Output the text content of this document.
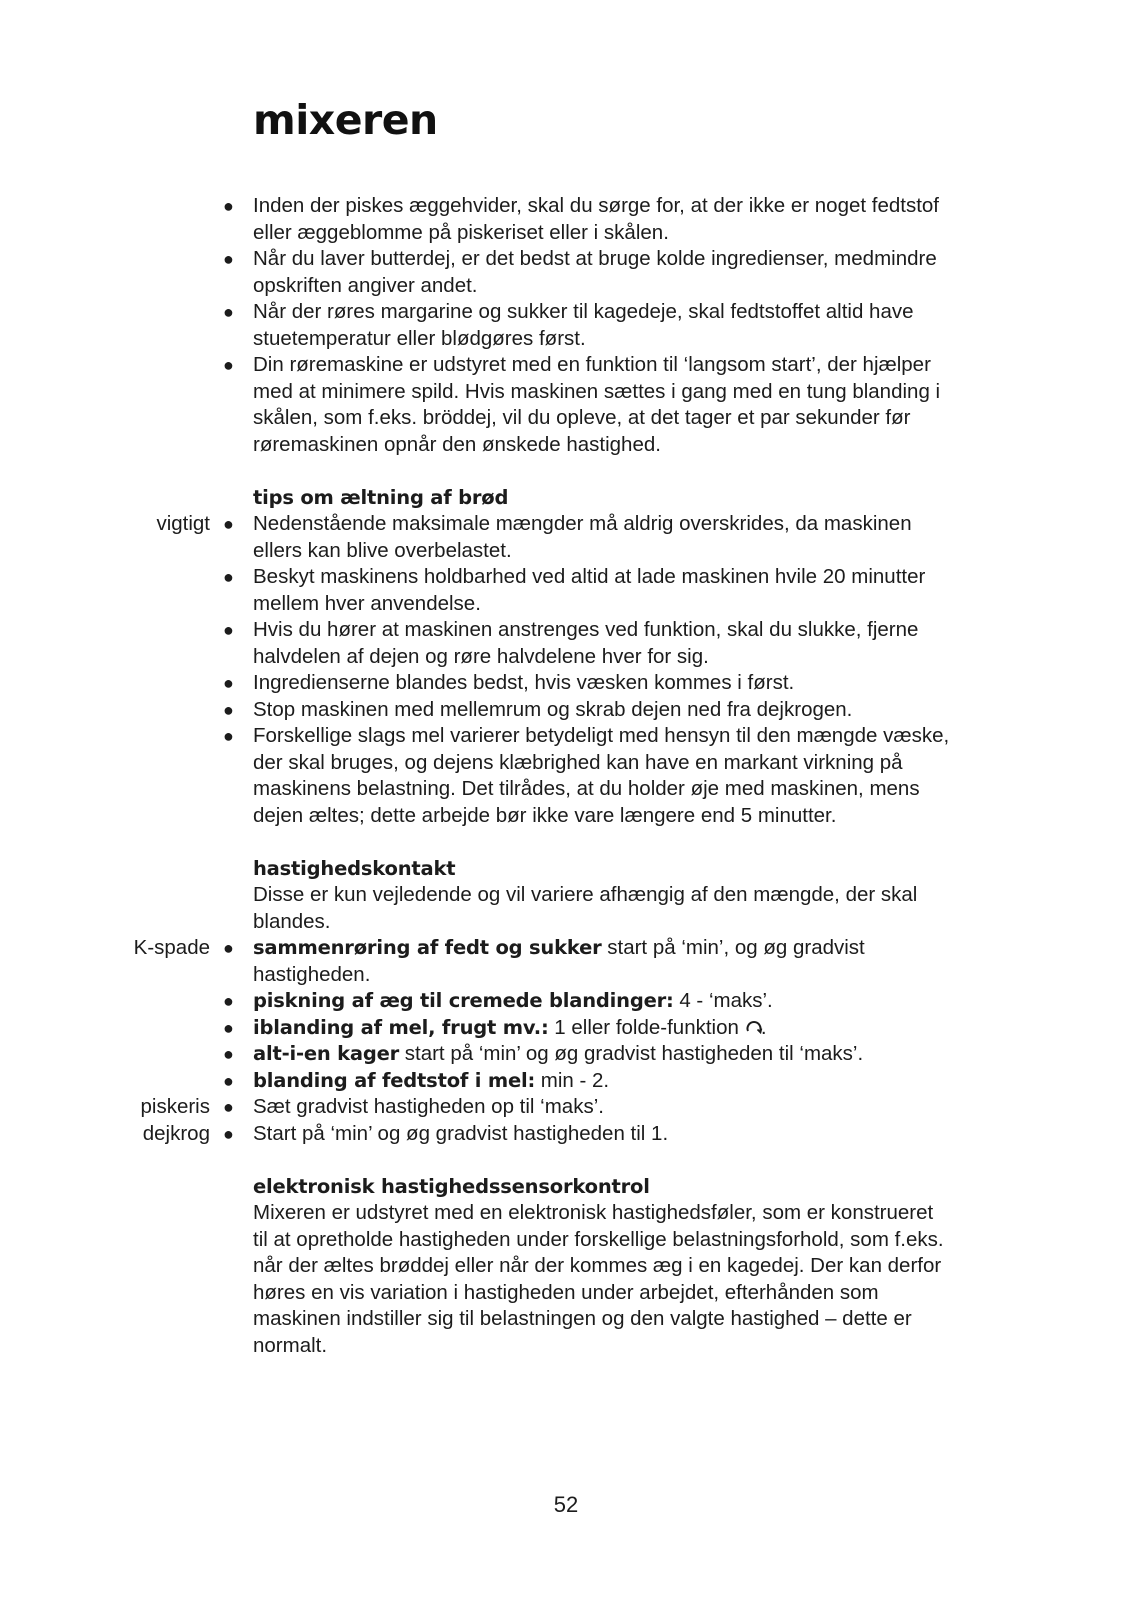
mixeren
● Inden der piskes æggehvider, skal du sørge for, at der ikke er noget fedtstof eller æggeblomme på piskeriset eller i skålen.
● Når du laver butterdej, er det bedst at bruge kolde ingredienser, medmindre opskriften angiver andet.
● Når der røres margarine og sukker til kagedeje, skal fedtstoffet altid have stuetemperatur eller blødgøres først.
● Din røremaskine er udstyret med en funktion til ‘langsom start’, der hjælper med at minimere spild. Hvis maskinen sættes i gang med en tung blanding i skålen, som f.eks. bröddej, vil du opleve, at det tager et par sekunder før røremaskinen opnår den ønskede hastighed.
tips om æltning af brød
vigtigt ● Nedenstående maksimale mængder må aldrig overskrides, da maskinen ellers kan blive overbelastet.
● Beskyt maskinens holdbarhed ved altid at lade maskinen hvile 20 minutter mellem hver anvendelse.
● Hvis du hører at maskinen anstrenges ved funktion, skal du slukke, fjerne halvdelen af dejen og røre halvdelene hver for sig.
● Ingredienserne blandes bedst, hvis væsken kommes i først.
● Stop maskinen med mellemrum og skrab dejen ned fra dejkrogen.
● Forskellige slags mel varierer betydeligt med hensyn til den mængde væske, der skal bruges, og dejens klæbrighed kan have en markant virkning på maskinens belastning. Det tilrådes, at du holder øje med maskinen, mens dejen æltes; dette arbejde bør ikke vare længere end 5 minutter.
hastighedskontakt
Disse er kun vejledende og vil variere afhængig af den mængde, der skal blandes.
K-spade ● sammenrøring af fedt og sukker start på ‘min’, og øg gradvist hastigheden.
● piskning af æg til cremede blandinger: 4 - ‘maks’.
● iblanding af mel, frugt mv.: 1 eller folde-funktion .
● alt-i-en kager start på ‘min’ og øg gradvist hastigheden til ‘maks’.
● blanding af fedtstof i mel: min - 2.
piskeris ● Sæt gradvist hastigheden op til ‘maks’.
dejkrog ● Start på ‘min’ og øg gradvist hastigheden til 1.
elektronisk hastighedssensorkontrol
Mixeren er udstyret med en elektronisk hastighedsføler, som er konstrueret til at opretholde hastigheden under forskellige belastningsforhold, som f.eks. når der æltes brøddej eller når der kommes æg i en kagedej. Der kan derfor høres en vis variation i hastigheden under arbejdet, efterhånden som maskinen indstiller sig til belastningen og den valgte hastighed – dette er normalt.
52
